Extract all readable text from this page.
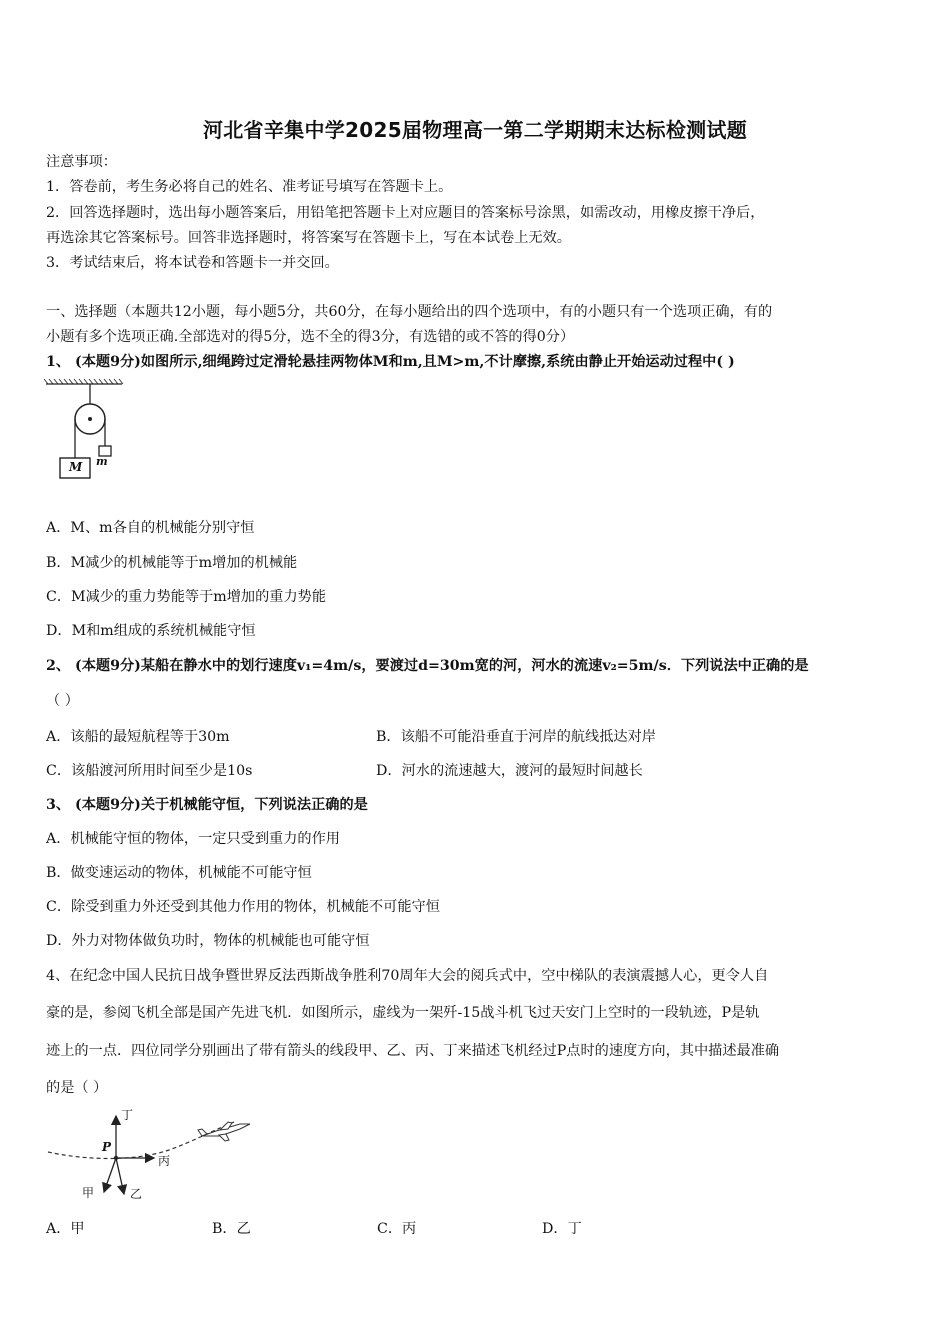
河北省辛集中学2025届物理高一第二学期期末达标检测试题
注意事项：
1．答卷前，考生务必将自己的姓名、准考证号填写在答题卡上。
2．回答选择题时，选出每小题答案后，用铅笔把答题卡上对应题目的答案标号涂黑，如需改动，用橡皮擦干净后，
再选涂其它答案标号。回答非选择题时，将答案写在答题卡上，写在本试卷上无效。
3．考试结束后，将本试卷和答题卡一并交回。
一、选择题（本题共12小题，每小题5分，共60分，在每小题给出的四个选项中，有的小题只有一个选项正确，有的
小题有多个选项正确.全部选对的得5分，选不全的得3分，有选错的或不答的得0分）
1、 (本题9分)如图所示,细绳跨过定滑轮悬挂两物体M和m,且M>m,不计摩擦,系统由静止开始运动过程中( )
M m
A．M、m各自的机械能分别守恒
B．M减少的机械能等于m增加的机械能
C．M减少的重力势能等于m增加的重力势能
D．M和m组成的系统机械能守恒
2、 (本题9分)某船在静水中的划行速度v₁=4m/s，要渡过d=30m宽的河，河水的流速v₂=5m/s．下列说法中正确的是
（ ）
A．该船的最短航程等于30m	B．该船不可能沿垂直于河岸的航线抵达对岸
C．该船渡河所用时间至少是10s	D．河水的流速越大，渡河的最短时间越长
3、 (本题9分)关于机械能守恒，下列说法正确的是
A．机械能守恒的物体，一定只受到重力的作用
B．做变速运动的物体，机械能不可能守恒
C．除受到重力外还受到其他力作用的物体，机械能不可能守恒
D．外力对物体做负功时，物体的机械能也可能守恒
4、在纪念中国人民抗日战争暨世界反法西斯战争胜利70周年大会的阅兵式中，空中梯队的表演震撼人心，更令人自
豪的是，参阅飞机全部是国产先进飞机．如图所示，虚线为一架歼-15战斗机飞过天安门上空时的一段轨迹，P是轨
迹上的一点．四位同学分别画出了带有箭头的线段甲、乙、丙、丁来描述飞机经过P点时的速度方向，其中描述最准确
的是（ ）
P
丁
丙
甲	乙
A．甲	B．乙	C．丙	D．丁
